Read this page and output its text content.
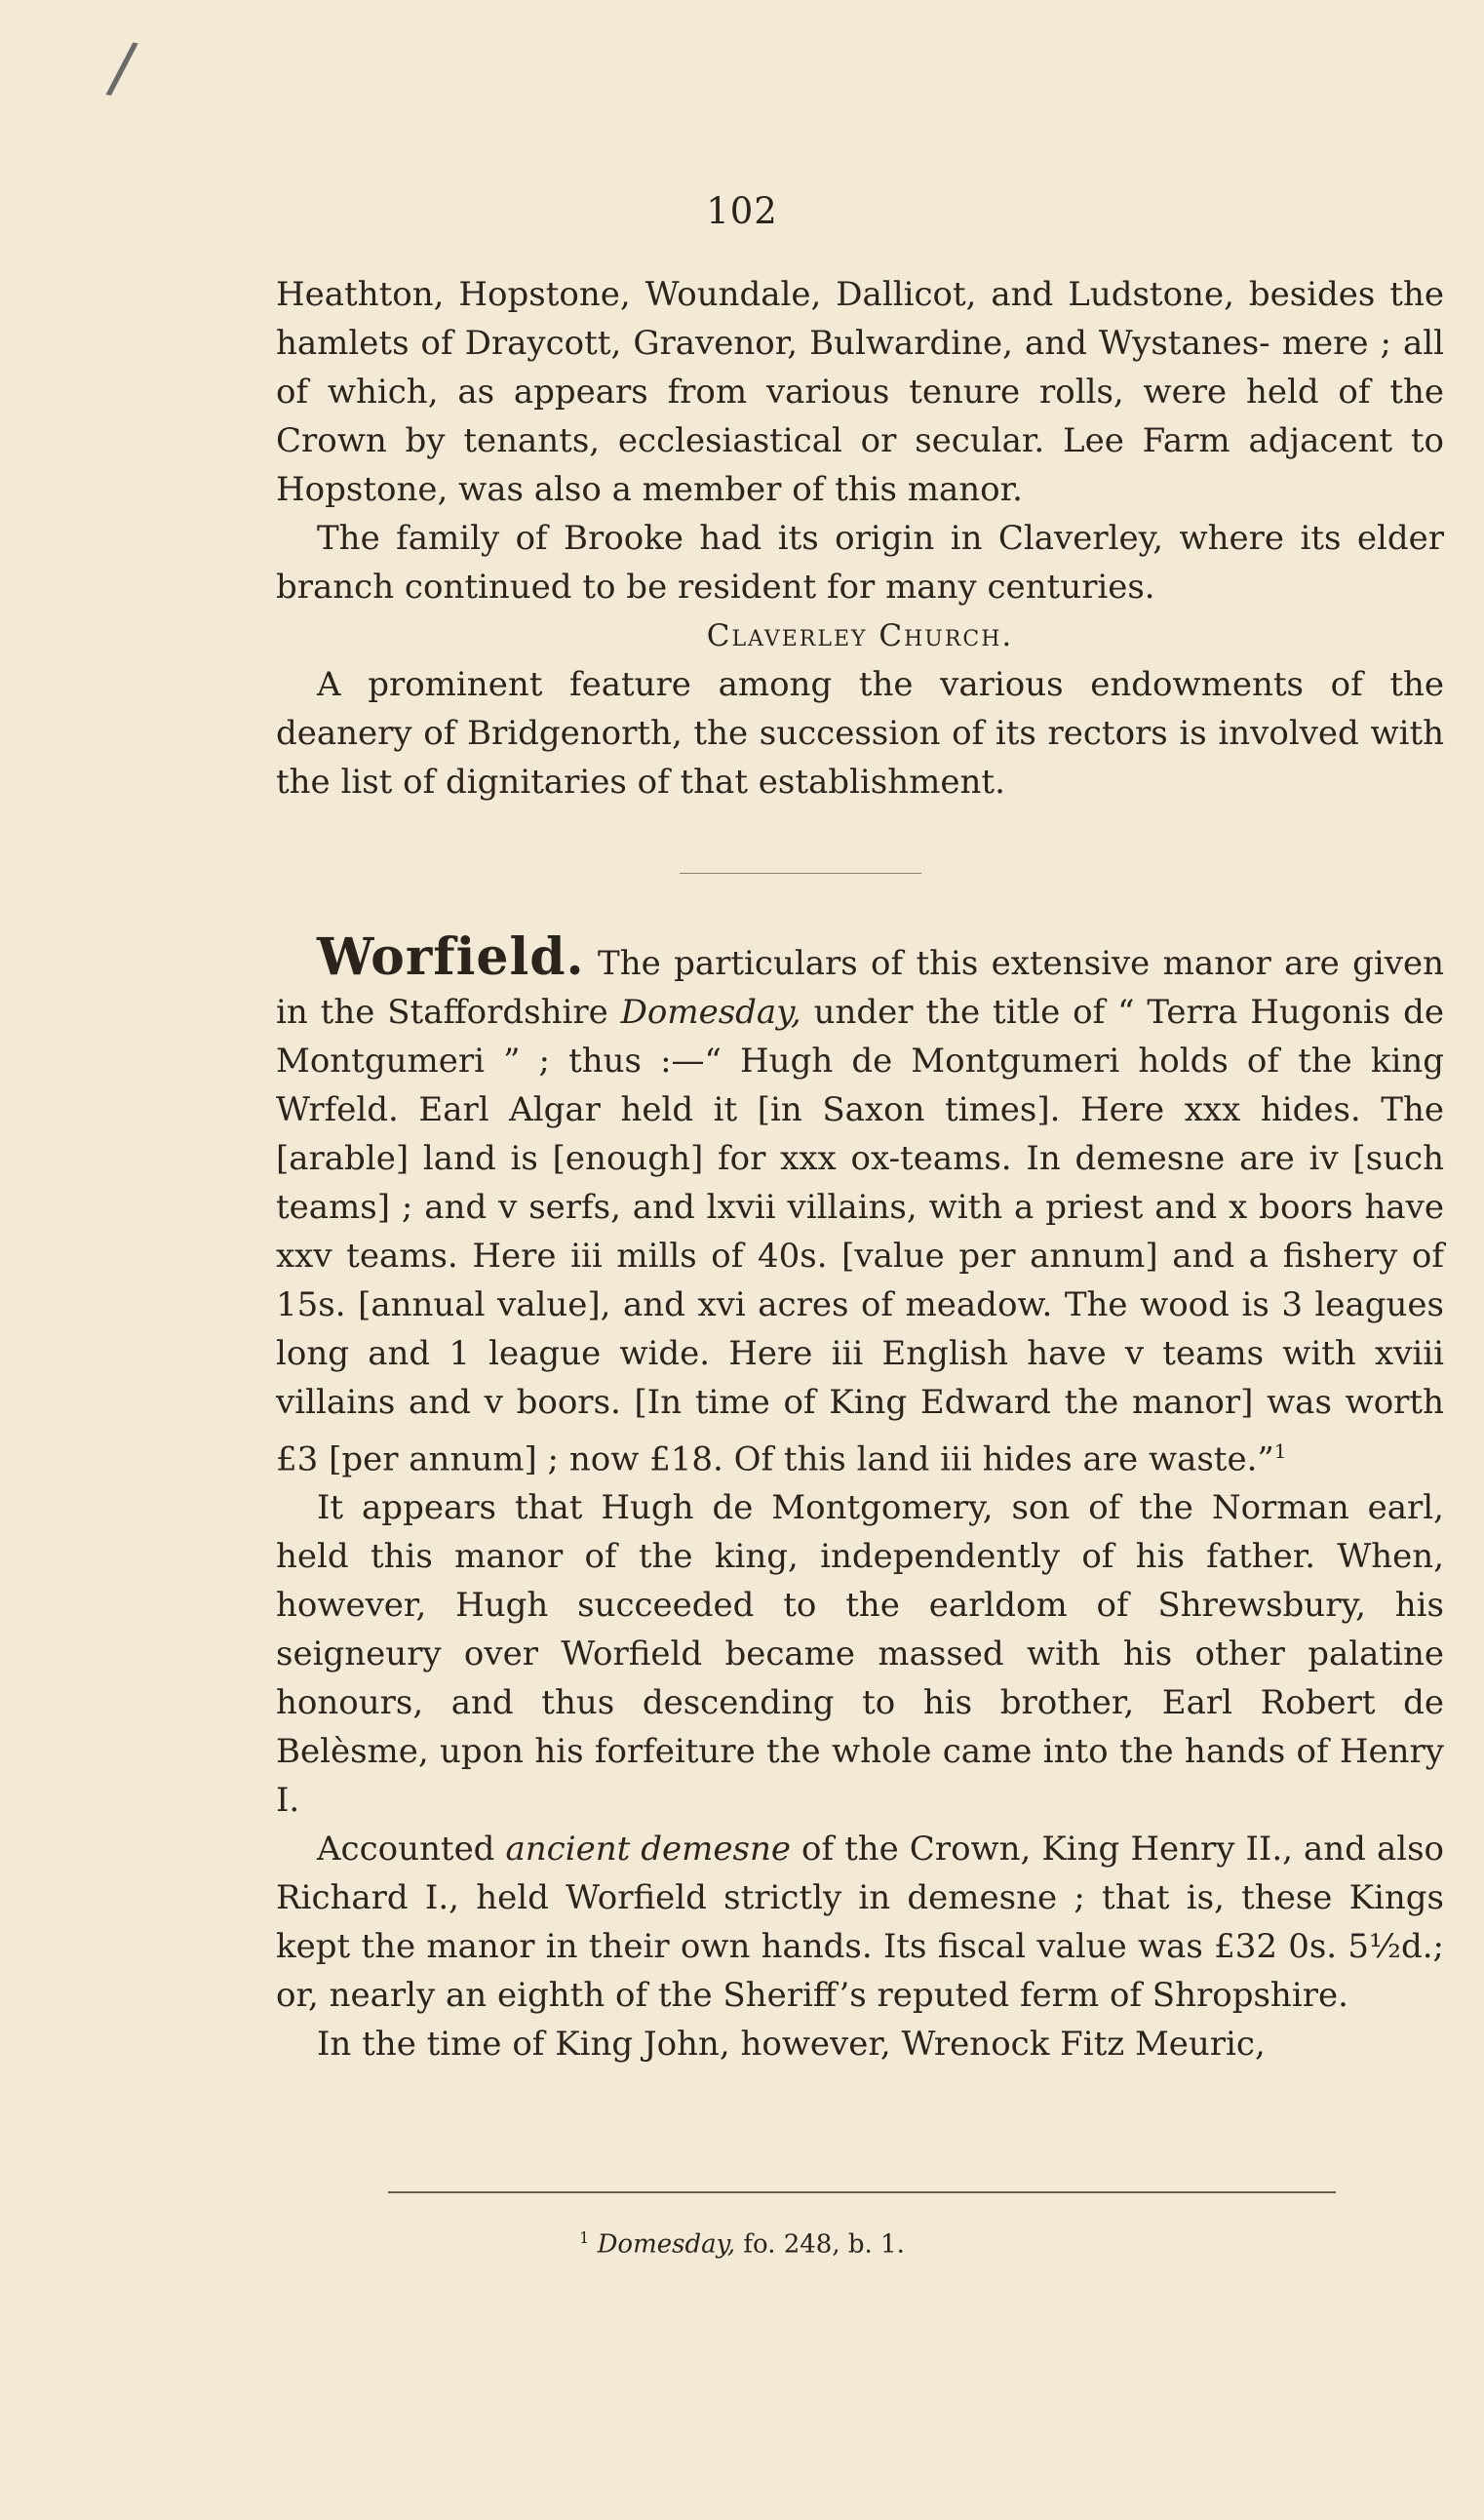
/
102

Heathton, Hopstone, Woundale, Dallicot, and Ludstone, besides the hamlets of Draycott, Gravenor, Bulwardine, and Wystanes- mere ; all of which, as appears from various tenure rolls, were held of the Crown by tenants, ecclesiastical or secular. Lee Farm adjacent to Hopstone, was also a member of this manor.

The family of Brooke had its origin in Claverley, where its elder branch continued to be resident for many centuries.

Claverley Church.

A prominent feature among the various endowments of the deanery of Bridgenorth, the succession of its rectors is involved with the list of dignitaries of that establishment.

Worfield. The particulars of this extensive manor are given in the Staffordshire Domesday, under the title of “ Terra Hugonis de Montgumeri ” ; thus :—“ Hugh de Montgumeri holds of the king Wrfeld. Earl Algar held it [in Saxon times]. Here xxx hides. The [arable] land is [enough] for xxx ox-teams. In demesne are iv [such teams] ; and v serfs, and lxvii villains, with a priest and x boors have xxv teams. Here iii mills of 40s. [value per annum] and a fishery of 15s. [annual value], and xvi acres of meadow. The wood is 3 leagues long and 1 league wide. Here iii English have v teams with xviii villains and v boors. [In time of King Edward the manor] was worth £3 [per annum] ; now £18. Of this land iii hides are waste.”$^1$

It appears that Hugh de Montgomery, son of the Norman earl, held this manor of the king, independently of his father. When, however, Hugh succeeded to the earldom of Shrewsbury, his seigneury over Worfield became massed with his other palatine honours, and thus descending to his brother, Earl Robert de Belèsme, upon his forfeiture the whole came into the hands of Henry I.

Accounted ancient demesne of the Crown, King Henry II., and also Richard I., held Worfield strictly in demesne ; that is, these Kings kept the manor in their own hands. Its fiscal value was £32 0s. 5½d.; or, nearly an eighth of the Sheriff’s reputed ferm of Shropshire.

In the time of King John, however, Wrenock Fitz Meuric,

$^1$ Domesday, fo. 248, b. 1.
